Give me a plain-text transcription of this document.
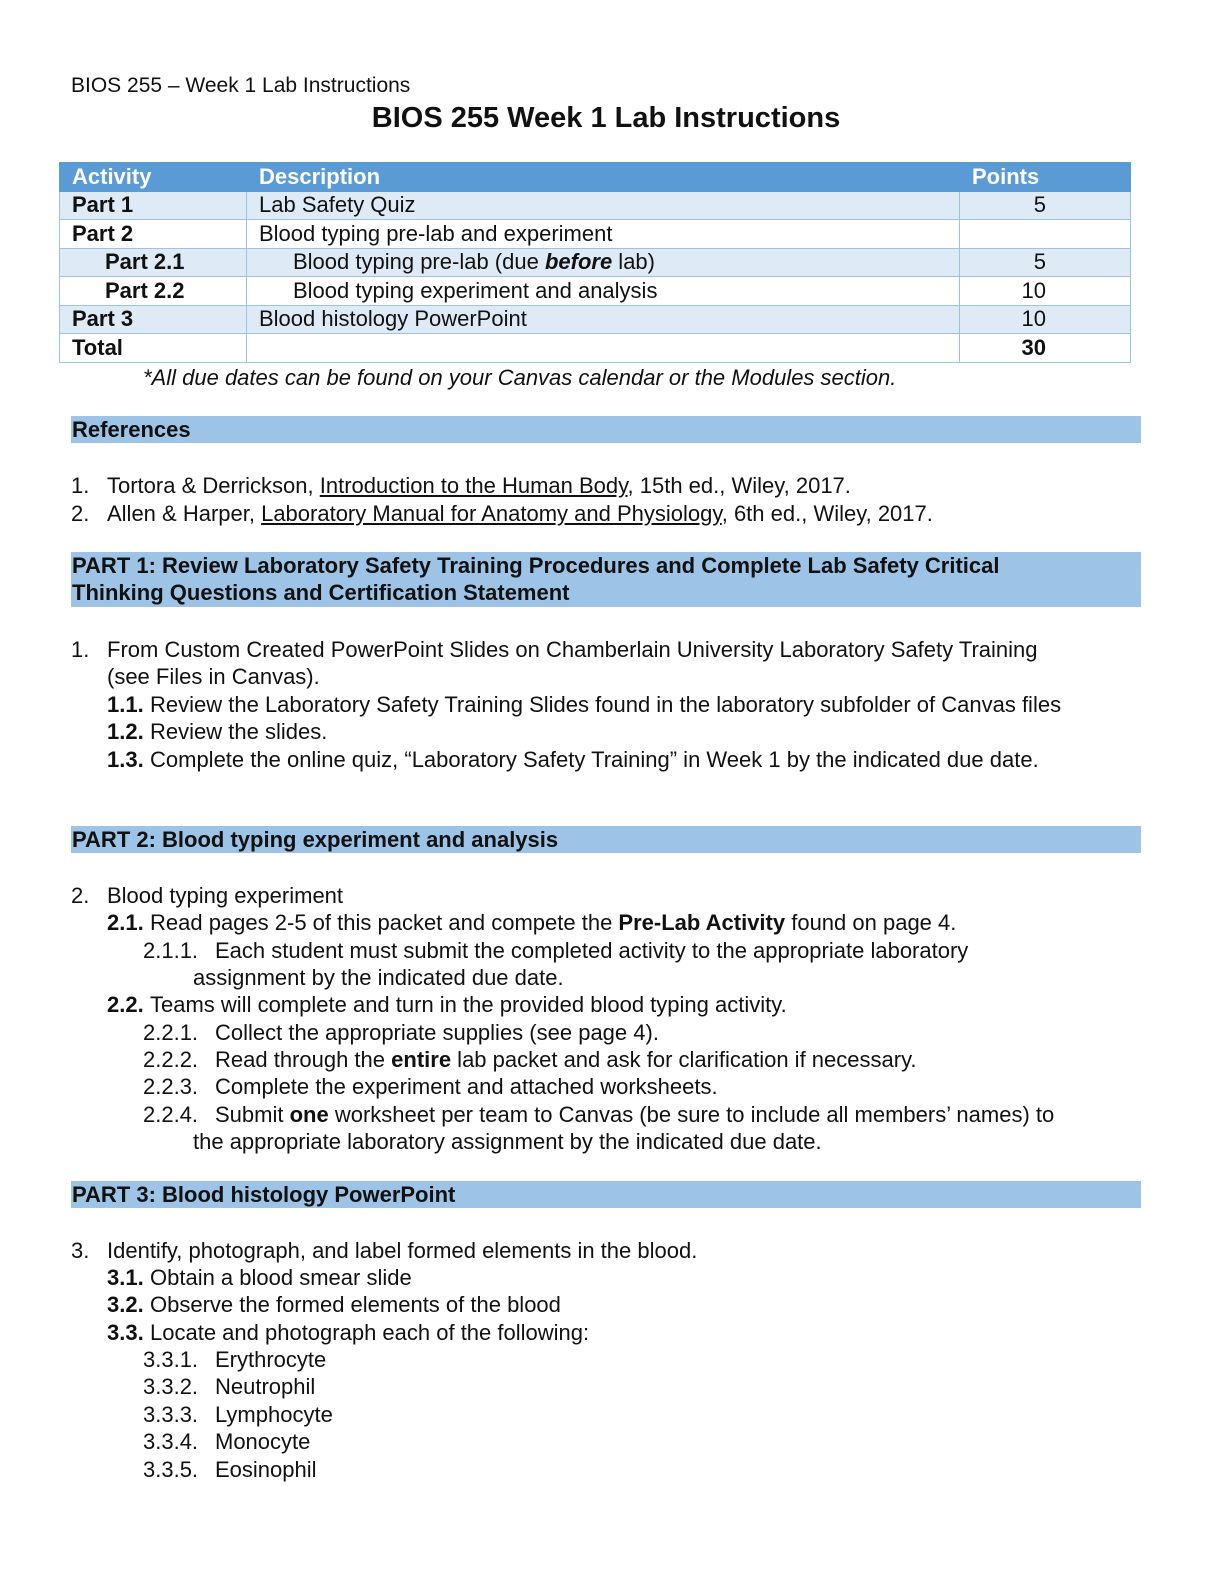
BIOS 255 – Week 1 Lab Instructions
BIOS 255 Week 1 Lab Instructions
Activity	Description	Points
Part 1	Lab Safety Quiz	5
Part 2	Blood typing pre-lab and experiment	
Part 2.1	Blood typing pre-lab (due before lab)	5
Part 2.2	Blood typing experiment and analysis	10
Part 3	Blood histology PowerPoint	10
Total		30
*All due dates can be found on your Canvas calendar or the Modules section.
References
1. Tortora & Derrickson, Introduction to the Human Body, 15th ed., Wiley, 2017.
2. Allen & Harper, Laboratory Manual for Anatomy and Physiology, 6th ed., Wiley, 2017.
PART 1: Review Laboratory Safety Training Procedures and Complete Lab Safety Critical
Thinking Questions and Certification Statement
1. From Custom Created PowerPoint Slides on Chamberlain University Laboratory Safety Training
(see Files in Canvas).
1.1. Review the Laboratory Safety Training Slides found in the laboratory subfolder of Canvas files
1.2. Review the slides.
1.3. Complete the online quiz, “Laboratory Safety Training” in Week 1 by the indicated due date.
PART 2: Blood typing experiment and analysis
2. Blood typing experiment
2.1. Read pages 2-5 of this packet and compete the Pre-Lab Activity found on page 4.
2.1.1. Each student must submit the completed activity to the appropriate laboratory
assignment by the indicated due date.
2.2. Teams will complete and turn in the provided blood typing activity.
2.2.1. Collect the appropriate supplies (see page 4).
2.2.2. Read through the entire lab packet and ask for clarification if necessary.
2.2.3. Complete the experiment and attached worksheets.
2.2.4. Submit one worksheet per team to Canvas (be sure to include all members’ names) to
the appropriate laboratory assignment by the indicated due date.
PART 3: Blood histology PowerPoint
3. Identify, photograph, and label formed elements in the blood.
3.1. Obtain a blood smear slide
3.2. Observe the formed elements of the blood
3.3. Locate and photograph each of the following:
3.3.1. Erythrocyte
3.3.2. Neutrophil
3.3.3. Lymphocyte
3.3.4. Monocyte
3.3.5. Eosinophil
